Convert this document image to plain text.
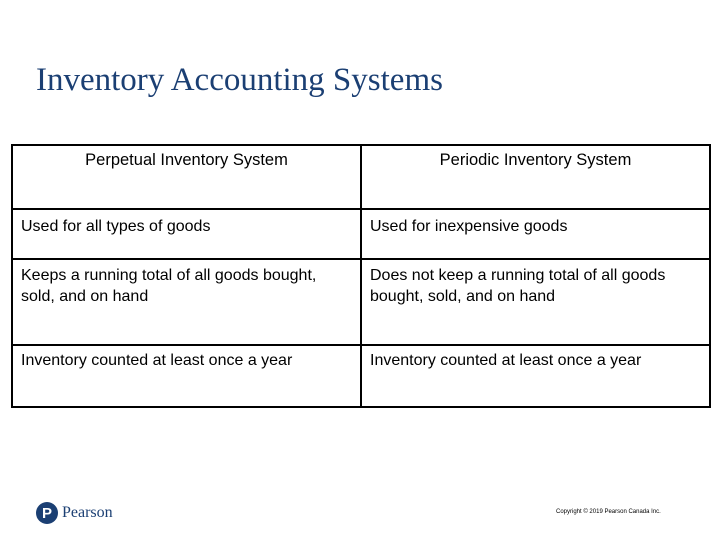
Inventory Accounting Systems
Perpetual Inventory System	Periodic Inventory System
Used for all types of goods	Used for inexpensive goods
Keeps a running total of all goods bought, sold, and on hand	Does not keep a running total of all goods bought, sold, and on hand
Inventory counted at least once a year	Inventory counted at least once a year
P Pearson	Copyright © 2019 Pearson Canada Inc.
